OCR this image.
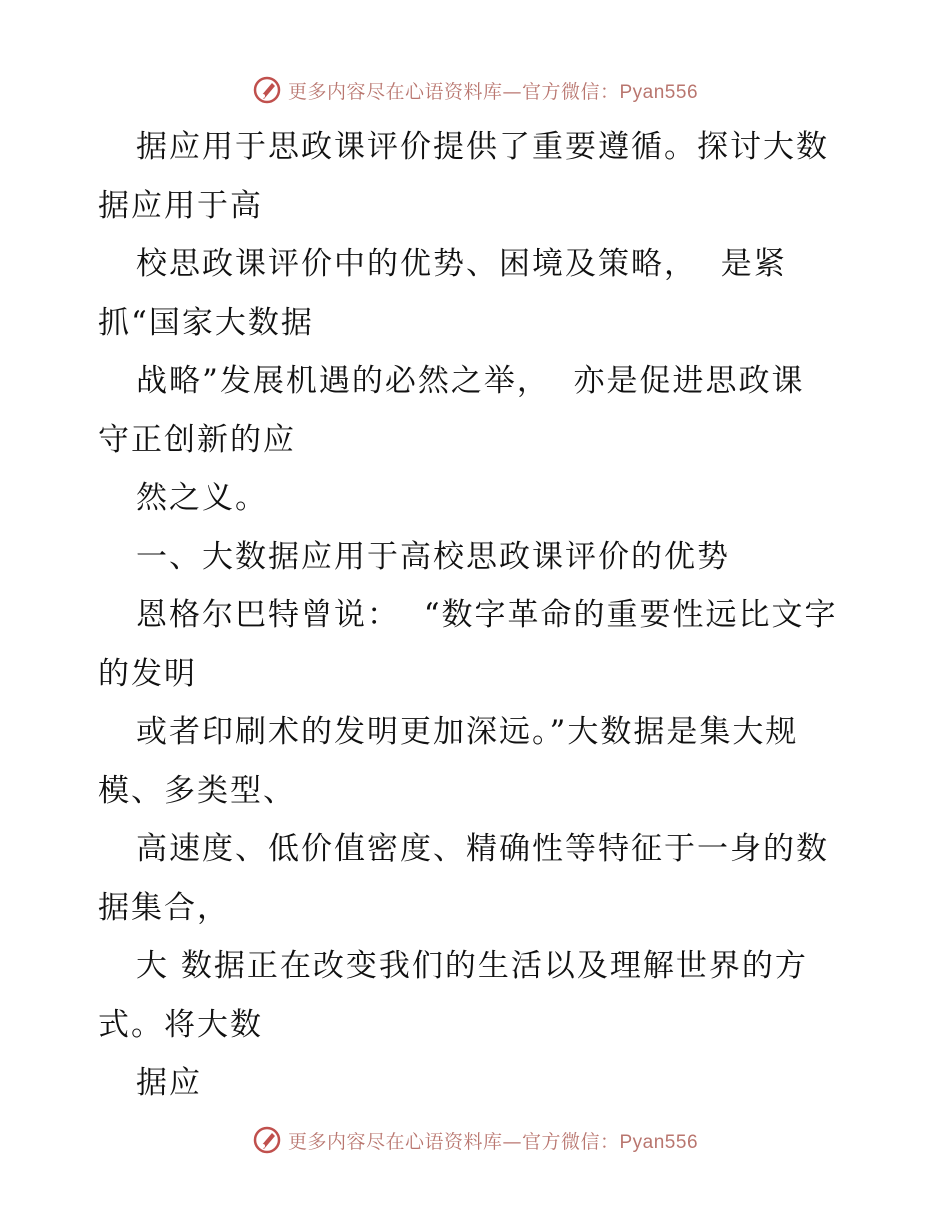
更多内容尽在心语资料库—官方微信：Pyan556
据应用于思政课评价提供了重要遵循。探讨大数
据应用于高
校思政课评价中的优势、困境及策略，  是紧
抓“国家大数据
战略”发展机遇的必然之举，  亦是促进思政课
守正创新的应
然之义。
一、大数据应用于高校思政课评价的优势
恩格尔巴特曾说：  “数字革命的重要性远比文字
的发明
或者印刷术的发明更加深远。”大数据是集大规
模、多类型、
高速度、低价值密度、精确性等特征于一身的数
据集合，
大 数据正在改变我们的生活以及理解世界的方
式。将大数
据应
更多内容尽在心语资料库—官方微信：Pyan556
